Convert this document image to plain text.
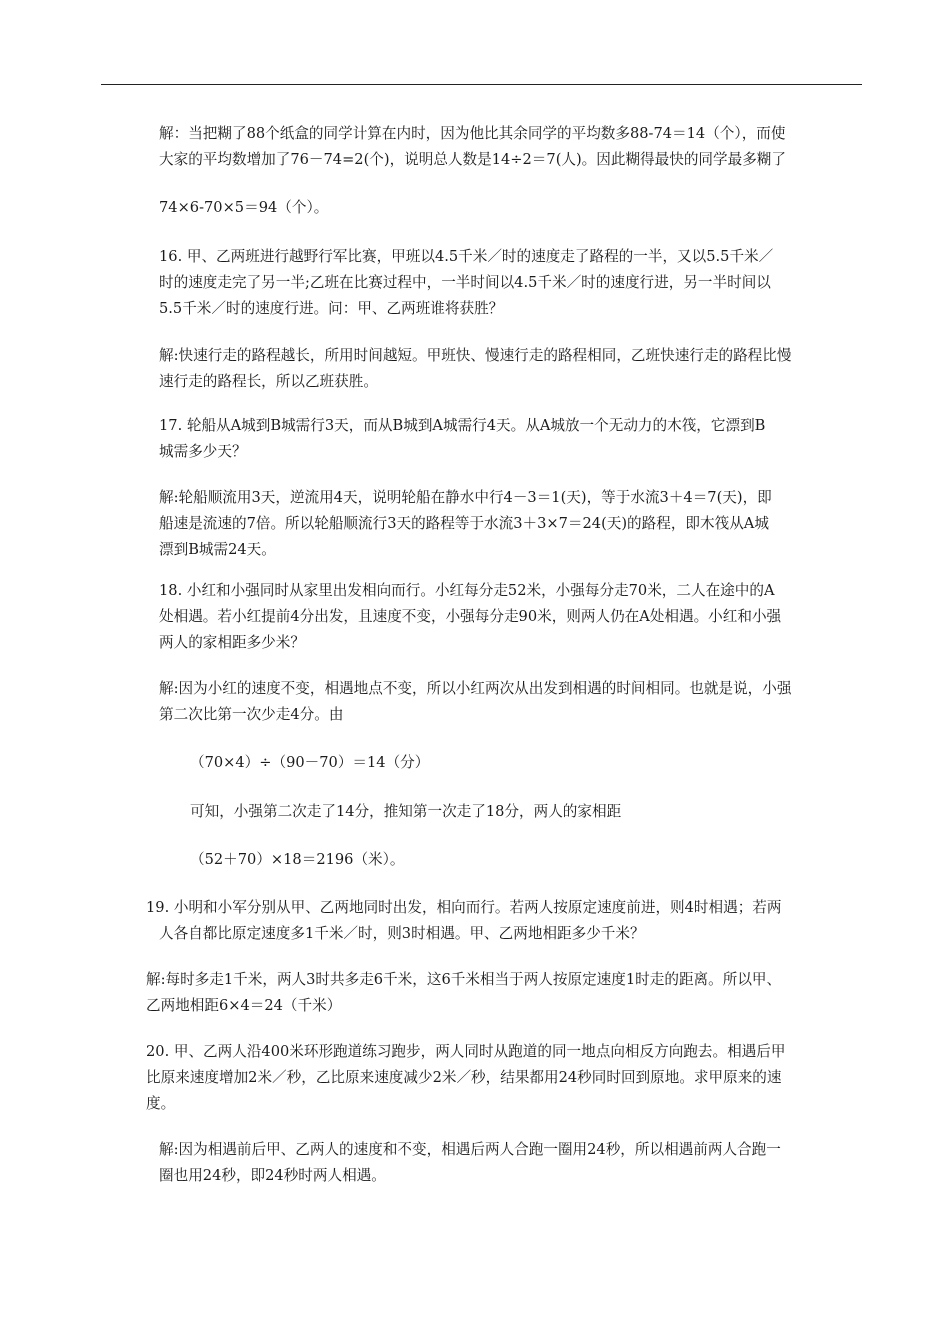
解：当把糊了88个纸盒的同学计算在内时，因为他比其余同学的平均数多88-74＝14（个），而使
大家的平均数增加了76－74=2(个)，说明总人数是14÷2＝7(人)。因此糊得最快的同学最多糊了

74×6-70×5＝94（个）。

16. 甲、乙两班进行越野行军比赛，甲班以4.5千米／时的速度走了路程的一半，又以5.5千米／
时的速度走完了另一半;乙班在比赛过程中，一半时间以4.5千米／时的速度行进，另一半时间以
5.5千米／时的速度行进。问：甲、乙两班谁将获胜？

解:快速行走的路程越长，所用时间越短。甲班快、慢速行走的路程相同，乙班快速行走的路程比慢
速行走的路程长，所以乙班获胜。

17. 轮船从A城到B城需行3天，而从B城到A城需行4天。从A城放一个无动力的木筏，它漂到B
城需多少天？

解:轮船顺流用3天，逆流用4天，说明轮船在静水中行4－3＝1(天)，等于水流3＋4＝7(天)，即
船速是流速的7倍。所以轮船顺流行3天的路程等于水流3＋3×7＝24(天)的路程，即木筏从A城
漂到B城需24天。

18. 小红和小强同时从家里出发相向而行。小红每分走52米，小强每分走70米，二人在途中的A
处相遇。若小红提前4分出发，且速度不变，小强每分走90米，则两人仍在A处相遇。小红和小强
两人的家相距多少米？

解:因为小红的速度不变，相遇地点不变，所以小红两次从出发到相遇的时间相同。也就是说，小强
第二次比第一次少走4分。由

（70×4）÷（90－70）＝14（分）

可知，小强第二次走了14分，推知第一次走了18分，两人的家相距

（52＋70）×18＝2196（米）。

19. 小明和小军分别从甲、乙两地同时出发，相向而行。若两人按原定速度前进，则4时相遇；若两
人各自都比原定速度多1千米／时，则3时相遇。甲、乙两地相距多少千米？

解:每时多走1千米，两人3时共多走6千米，这6千米相当于两人按原定速度1时走的距离。所以甲、
乙两地相距6×4＝24（千米）

20. 甲、乙两人沿400米环形跑道练习跑步，两人同时从跑道的同一地点向相反方向跑去。相遇后甲
比原来速度增加2米／秒，乙比原来速度减少2米／秒，结果都用24秒同时回到原地。求甲原来的速
度。

解:因为相遇前后甲、乙两人的速度和不变，相遇后两人合跑一圈用24秒，所以相遇前两人合跑一
圈也用24秒，即24秒时两人相遇。
